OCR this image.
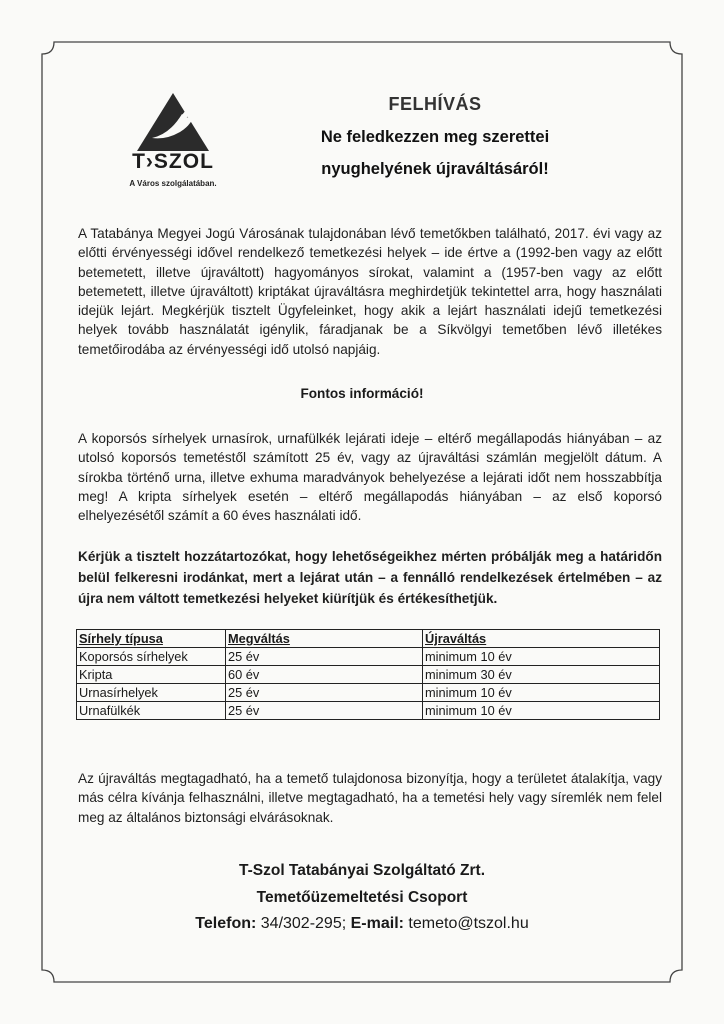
T›SZOL
A Város szolgálatában.
FELHÍVÁS
Ne feledkezzen meg szerettei
nyughelyének újraváltásáról!
A Tatabánya Megyei Jogú Városának tulajdonában lévő temetőkben található, 2017. évi vagy az előtti érvényességi idővel rendelkező temetkezési helyek – ide értve a (1992-ben vagy az előtt betemetett, illetve újraváltott) hagyományos sírokat, valamint a (1957-ben vagy az előtt betemetett, illetve újraváltott) kriptákat újraváltásra meghirdetjük tekintettel arra, hogy használati idejük lejárt. Megkérjük tisztelt Ügyfeleinket, hogy akik a lejárt használati idejű temetkezési helyek tovább használatát igénylik, fáradjanak be a Síkvölgyi temetőben lévő illetékes temetőirodába az érvényességi idő utolsó napjáig.
Fontos információ!
A koporsós sírhelyek urnasírok, urnafülkék lejárati ideje – eltérő megállapodás hiányában – az utolsó koporsós temetéstől számított 25 év, vagy az újraváltási számlán megjelölt dátum. A sírokba történő urna, illetve exhuma maradványok behelyezése a lejárati időt nem hosszabbítja meg! A kripta sírhelyek esetén – eltérő megállapodás hiányában – az első koporsó elhelyezésétől számít a 60 éves használati idő.
Kérjük a tisztelt hozzátartozókat, hogy lehetőségeikhez mérten próbálják meg a határidőn belül felkeresni irodánkat, mert a lejárat után – a fennálló rendelkezések értelmében – az újra nem váltott temetkezési helyeket kiürítjük és értékesíthetjük.
Sírhely típusa	Megváltás	Újraváltás
Koporsós sírhelyek	25 év	minimum 10 év
Kripta	60 év	minimum 30 év
Urnasírhelyek	25 év	minimum 10 év
Urnafülkék	25 év	minimum 10 év
Az újraváltás megtagadható, ha a temető tulajdonosa bizonyítja, hogy a területet átalakítja, vagy más célra kívánja felhasználni, illetve megtagadható, ha a temetési hely vagy síremlék nem felel meg az általános biztonsági elvárásoknak.
T-Szol Tatabányai Szolgáltató Zrt.
Temetőüzemeltetési Csoport
Telefon: 34/302-295; E-mail: temeto@tszol.hu
